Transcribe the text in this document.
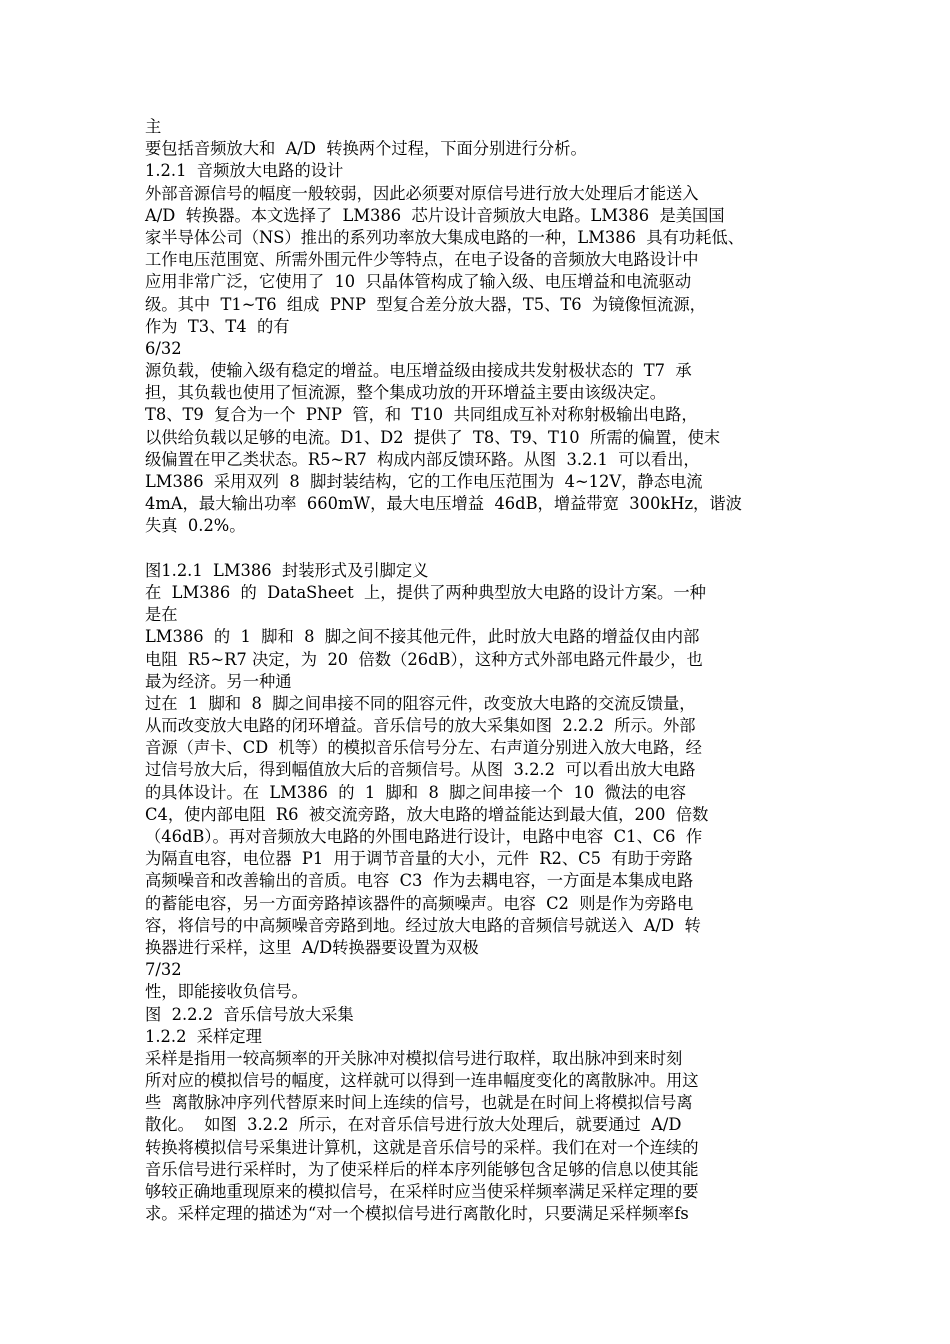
主
要包括音频放大和  A/D  转换两个过程，下面分别进行分析。
1.2.1  音频放大电路的设计
外部音源信号的幅度一般较弱，因此必须要对原信号进行放大处理后才能送入
A/D  转换器。本文选择了  LM386  芯片设计音频放大电路。LM386  是美国国
家半导体公司（NS）推出的系列功率放大集成电路的一种，LM386  具有功耗低、
工作电压范围宽、所需外围元件少等特点，在电子设备的音频放大电路设计中
应用非常广泛，它使用了  10  只晶体管构成了输入级、电压增益和电流驱动
级。其中  T1~T6  组成  PNP  型复合差分放大器，T5、T6  为镜像恒流源，
作为  T3、T4  的有
6/32
源负载，使输入级有稳定的增益。电压增益级由接成共发射极状态的  T7  承
担，其负载也使用了恒流源，整个集成功放的开环增益主要由该级决定。
T8、T9  复合为一个  PNP  管，和  T10  共同组成互补对称射极输出电路，
以供给负载以足够的电流。D1、D2  提供了  T8、T9、T10  所需的偏置，使末
级偏置在甲乙类状态。R5~R7  构成内部反馈环路。从图  3.2.1  可以看出，
LM386  采用双列  8  脚封装结构，它的工作电压范围为  4~12V，静态电流
4mA，最大输出功率  660mW，最大电压增益  46dB，增益带宽  300kHz，谐波
失真  0.2%。
图1.2.1  LM386  封装形式及引脚定义
在  LM386  的  DataSheet  上，提供了两种典型放大电路的设计方案。一种
是在
LM386  的  1  脚和  8  脚之间不接其他元件，此时放大电路的增益仅由内部
电阻  R5~R7 决定，为  20  倍数（26dB），这种方式外部电路元件最少，也
最为经济。另一种通
过在  1  脚和  8  脚之间串接不同的阻容元件，改变放大电路的交流反馈量，
从而改变放大电路的闭环增益。音乐信号的放大采集如图  2.2.2  所示。外部
音源（声卡、CD  机等）的模拟音乐信号分左、右声道分别进入放大电路，经
过信号放大后，得到幅值放大后的音频信号。从图  3.2.2  可以看出放大电路
的具体设计。在  LM386  的  1  脚和  8  脚之间串接一个  10  微法的电容
C4，使内部电阻  R6  被交流旁路，放大电路的增益能达到最大值，200  倍数
（46dB）。再对音频放大电路的外围电路进行设计，电路中电容  C1、C6  作
为隔直电容，电位器  P1  用于调节音量的大小，元件  R2、C5  有助于旁路
高频噪音和改善输出的音质。电容  C3  作为去耦电容，一方面是本集成电路
的蓄能电容，另一方面旁路掉该器件的高频噪声。电容  C2  则是作为旁路电
容，将信号的中高频噪音旁路到地。经过放大电路的音频信号就送入  A/D  转
换器进行采样，这里  A/D转换器要设置为双极
7/32
性，即能接收负信号。
图  2.2.2  音乐信号放大采集
1.2.2  采样定理
采样是指用一较高频率的开关脉冲对模拟信号进行取样，取出脉冲到来时刻
所对应的模拟信号的幅度，这样就可以得到一连串幅度变化的离散脉冲。用这
些  离散脉冲序列代替原来时间上连续的信号，也就是在时间上将模拟信号离
散化。  如图  3.2.2  所示，在对音乐信号进行放大处理后，就要通过  A/D
转换将模拟信号采集进计算机，这就是音乐信号的采样。我们在对一个连续的
音乐信号进行采样时，为了使采样后的样本序列能够包含足够的信息以使其能
够较正确地重现原来的模拟信号，在采样时应当使采样频率满足采样定理的要
求。采样定理的描述为“对一个模拟信号进行离散化时，只要满足采样频率fs
